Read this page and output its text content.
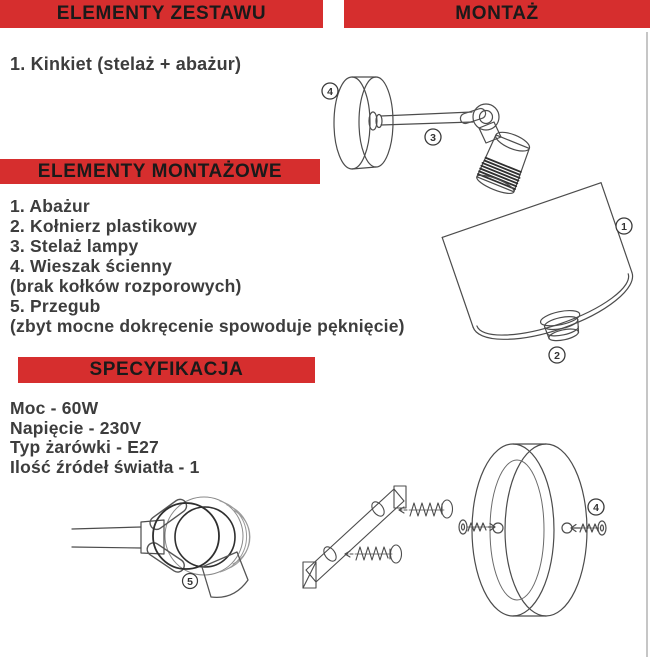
ELEMENTY ZESTAWU	MONTAŻ
ELEMENTY MONTAŻOWE
SPECYFIKACJA
1. Kinkiet (stelaż + abażur)
1. Abażur
2. Kołnierz plastikowy
3. Stelaż lampy
4. Wieszak ścienny
(brak kołków rozporowych)
5. Przegub
(zbyt mocne dokręcenie spowoduje pęknięcie)
Moc - 60W
Napięcie - 230V
Typ żarówki - E27
Ilość źródeł światła - 1
4
3
1
2
5
4
